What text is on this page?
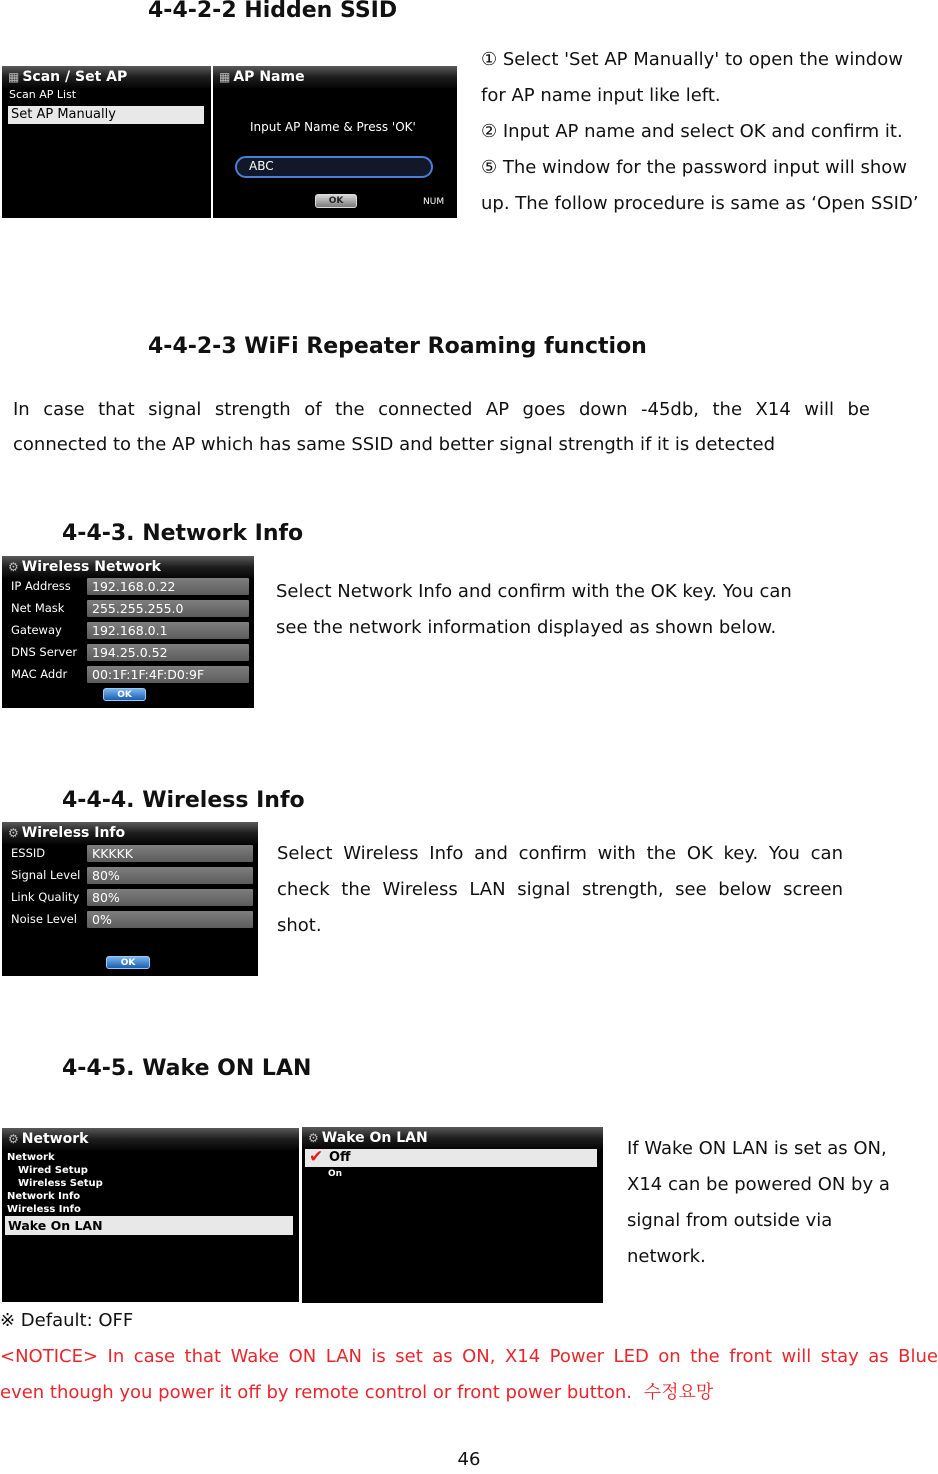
4-4-2-2 Hidden SSID
▦ Scan / Set AP
Scan AP List
Set AP Manually
▦ AP Name
Input AP Name & Press 'OK'
ABC
OK	NUM
① Select 'Set AP Manually' to open the window for AP name input like left.
② Input AP name and select OK and confirm it.
⑤ The window for the password input will show up. The follow procedure is same as ‘Open SSID’
4-4-2-3 WiFi Repeater Roaming function
In case that signal strength of the connected AP goes down -45db, the X14 will be
connected to the AP which has same SSID and better signal strength if it is detected
4-4-3. Network Info
⚙ Wireless Network
IP Address	192.168.0.22
Net Mask	255.255.255.0
Gateway	192.168.0.1
DNS Server	194.25.0.52
MAC Addr	00:1F:1F:4F:D0:9F
OK
Select Network Info and confirm with the OK key. You can
see the network information displayed as shown below.
4-4-4. Wireless Info
⚙ Wireless Info
ESSID	KKKKK
Signal Level 80%
Link Quality	80%
Noise Level	0%
OK
Select Wireless Info and confirm with the OK key. You can
check the Wireless LAN signal strength, see below screen
shot.
4-4-5. Wake ON LAN
⚙ Network
Network
Wired Setup
Wireless Setup
Network Info
Wireless Info
Wake On LAN
⚙ Wake On LAN
✔ Off
On
If Wake ON LAN is set as ON,
X14 can be powered ON by a
signal from outside via
network.
※ Default: OFF
<NOTICE> In case that Wake ON LAN is set as ON, X14 Power LED on the front will stay as Blue
even though you power it off by remote control or front power button. 수정요망
46
